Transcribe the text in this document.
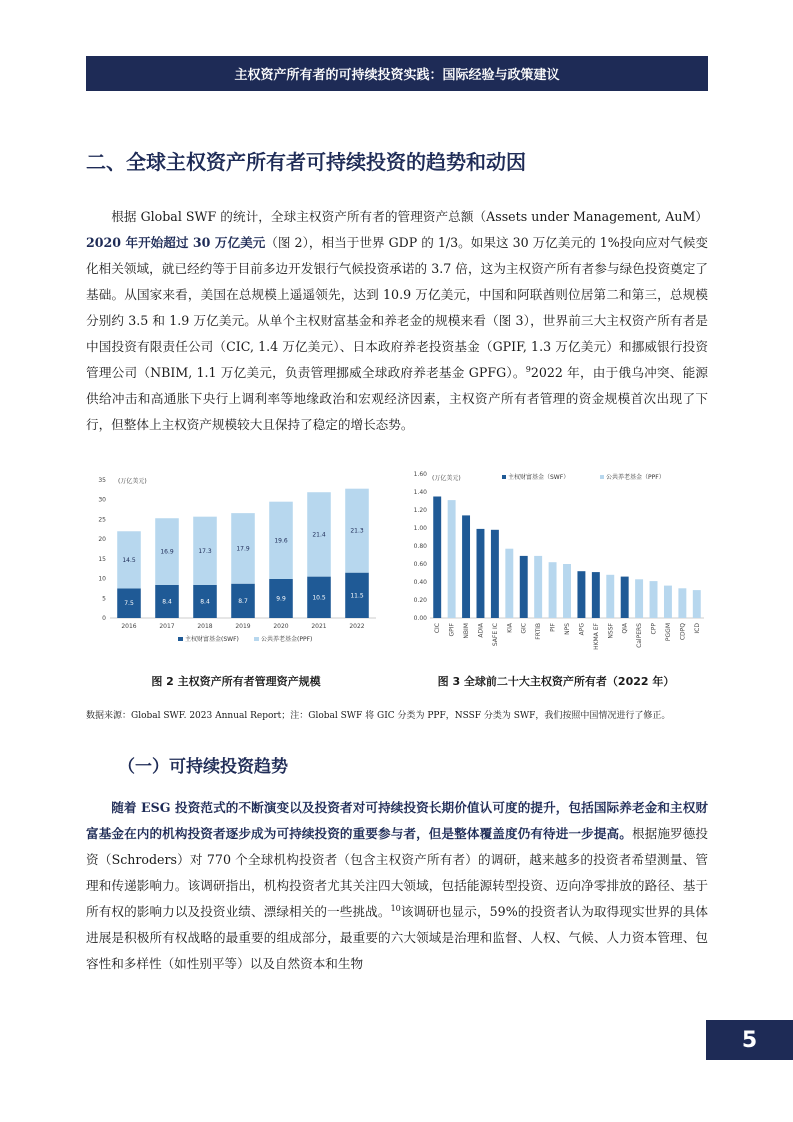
主权资产所有者的可持续投资实践：国际经验与政策建议
二、全球主权资产所有者可持续投资的趋势和动因

根据 Global SWF 的统计，全球主权资产所有者的管理资产总额（Assets under Management, AuM）2020 年开始超过 30 万亿美元（图 2），相当于世界 GDP 的 1/3。如果这 30 万亿美元的 1%投向应对气候变化相关领域，就已经约等于目前多边开发银行气候投资承诺的 3.7 倍，这为主权资产所有者参与绿色投资奠定了基础。从国家来看，美国在总规模上遥遥领先，达到 10.9 万亿美元，中国和阿联酋则位居第二和第三，总规模分别约 3.5 和 1.9 万亿美元。从单个主权财富基金和养老金的规模来看（图 3），世界前三大主权资产所有者是中国投资有限责任公司（CIC, 1.4 万亿美元）、日本政府养老投资基金（GPIF, 1.3 万亿美元）和挪威银行投资管理公司（NBIM, 1.1 万亿美元，负责管理挪威全球政府养老基金 GPFG）。$^9$2022 年，由于俄乌冲突、能源供给冲击和高通胀下央行上调利率等地缘政治和宏观经济因素，主权资产所有者管理的资金规模首次出现了下行，但整体上主权资产规模较大且保持了稳定的增长态势。

(万亿美元)
7.5
14.5
8.4
16.9
8.4
17.3
8.7
17.9
9.9
19.6
10.5
21.4
11.5
21.3
0
5
10
15
20
25
30
35
2016	2017	2018	2019	2020	2021	2022
主权财富基金(SWF)	公共养老基金(PPF)
(万亿美元)	主权财富基金（SWF）	公共养老基金（PPF）
0.00
0.20
0.40
0.60
0.80
1.00
1.20
1.40
1.60
CIC GPIF NBIM ADIA SAFE IC KIA GIC FRTIB PIF NPS APG HKMA EF NSSF QIA CalPERS CPP PGGM CDPQ ICD
图 2 主权资产所有者管理资产规模	图 3 全球前二十大主权资产所有者（2022 年）
数据来源：Global SWF. 2023 Annual Report；注：Global SWF 将 GIC 分类为 PPF，NSSF 分类为 SWF，我们按照中国情况进行了修正。
（一）可持续投资趋势

随着 ESG 投资范式的不断演变以及投资者对可持续投资长期价值认可度的提升，包括国际养老金和主权财富基金在内的机构投资者逐步成为可持续投资的重要参与者，但是整体覆盖度仍有待进一步提高。根据施罗德投资（Schroders）对 770 个全球机构投资者（包含主权资产所有者）的调研，越来越多的投资者希望测量、管理和传递影响力。该调研指出，机构投资者尤其关注四大领域，包括能源转型投资、迈向净零排放的路径、基于所有权的影响力以及投资业绩、漂绿相关的一些挑战。$^{10}$该调研也显示，59%的投资者认为取得现实世界的具体进展是积极所有权战略的最重要的组成部分，最重要的六大领域是治理和监督、人权、气候、人力资本管理、包容性和多样性（如性别平等）以及自然资本和生物

5
